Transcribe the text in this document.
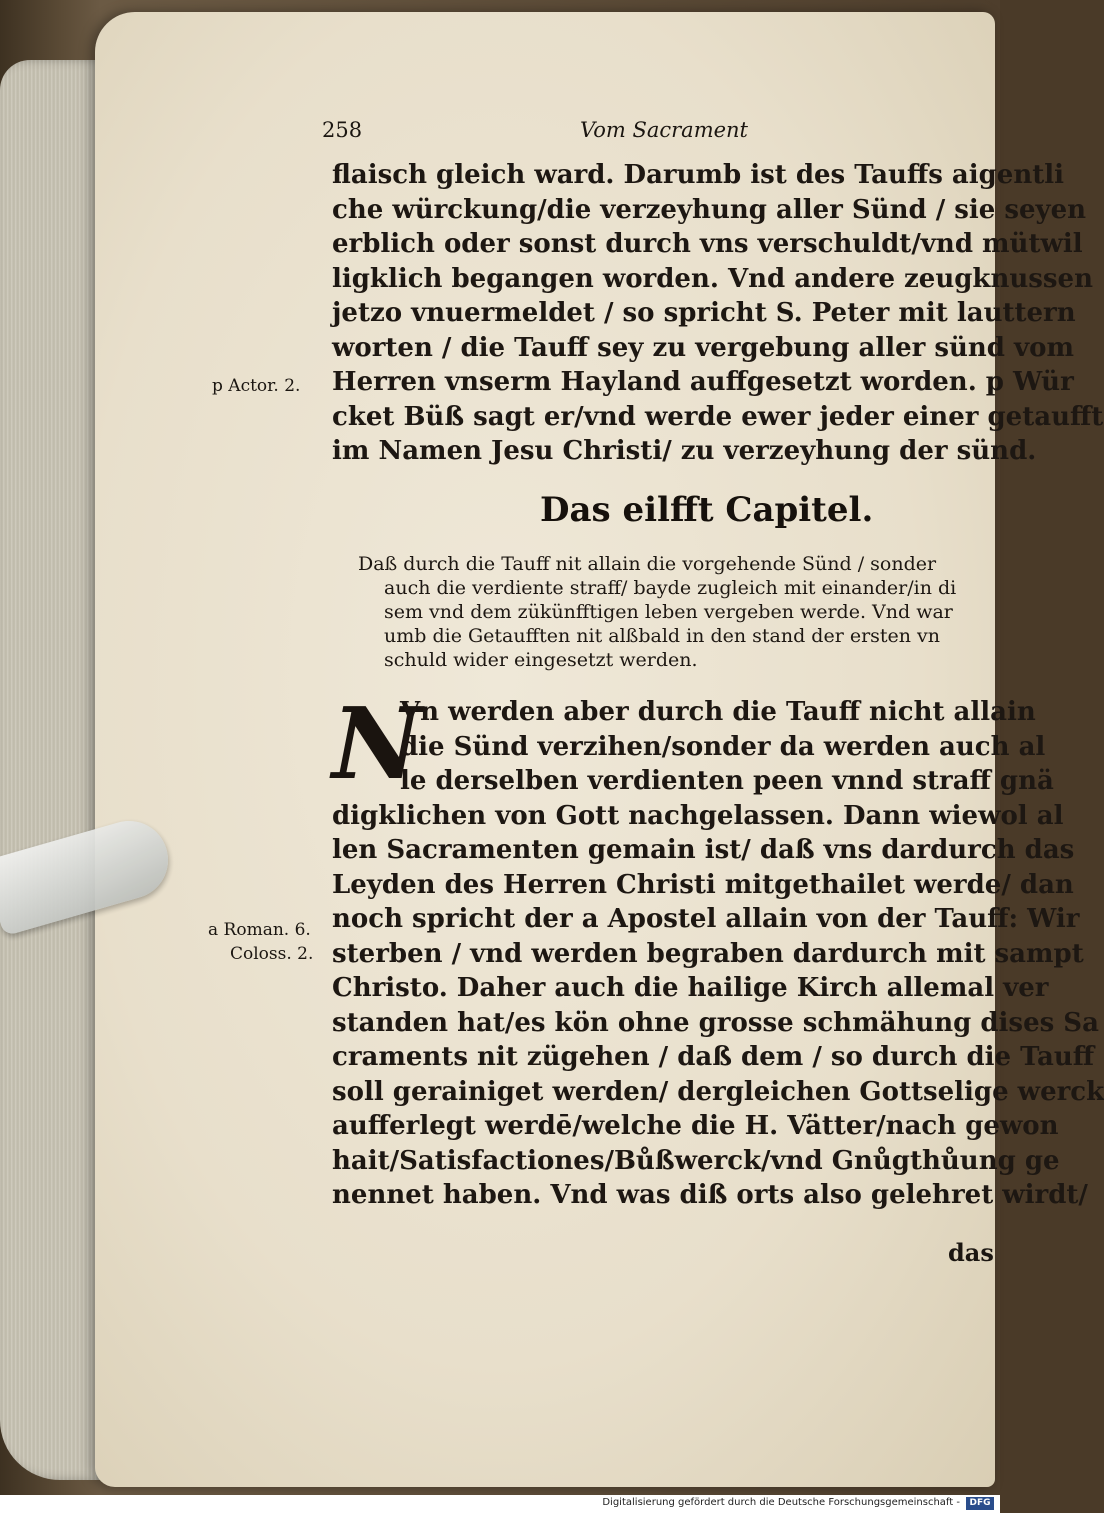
258	Vom Sacrament
flaisch gleich ward. Darumb ist des Tauffs aigentli
che würckung/die verzeyhung aller Sünd / sie seyen
erblich oder sonst durch vns verschuldt/vnd mütwil
ligklich begangen worden. Vnd andere zeugknussen
jetzo vnuermeldet / so spricht S. Peter mit lauttern
worten / die Tauff sey zu vergebung aller sünd vom
Herren vnserm Hayland auffgesetzt worden. p Wür
cket Büß sagt er/vnd werde ewer jeder einer getaufft
im Namen Jesu Christi/ zu verzeyhung der sünd.
p Actor. 2.
Das eilfft Capitel.
Daß durch die Tauff nit allain die vorgehende Sünd / sonder
auch die verdiente straff/ bayde zugleich mit einander/in di
sem vnd dem zükünfftigen leben vergeben werde. Vnd war
umb die Getaufften nit alßbald in den stand der ersten vn
schuld wider eingesetzt werden.
N
Vn werden aber durch die Tauff nicht allain
die Sünd verzihen/sonder da werden auch al
le derselben verdienten peen vnnd straff gnä
digklichen von Gott nachgelassen. Dann wiewol al
len Sacramenten gemain ist/ daß vns dardurch das
Leyden des Herren Christi mitgethailet werde/ dan
noch spricht der a Apostel allain von der Tauff: Wir
sterben / vnd werden begraben dardurch mit sampt
Christo. Daher auch die hailige Kirch allemal ver
standen hat/es kön ohne grosse schmähung dises Sa
craments nit zügehen / daß dem / so durch die Tauff
soll gerainiget werden/ dergleichen Gottselige werck
aufferlegt werdē/welche die H. Vätter/nach gewon
hait/Satisfactiones/Bůßwerck/vnd Gnůgthůung ge
nennet haben. Vnd was diß orts also gelehret wirdt/
a Roman. 6.
Coloss. 2.
das
Digitalisierung gefördert durch die Deutsche Forschungsgemeinschaft -	DFG
